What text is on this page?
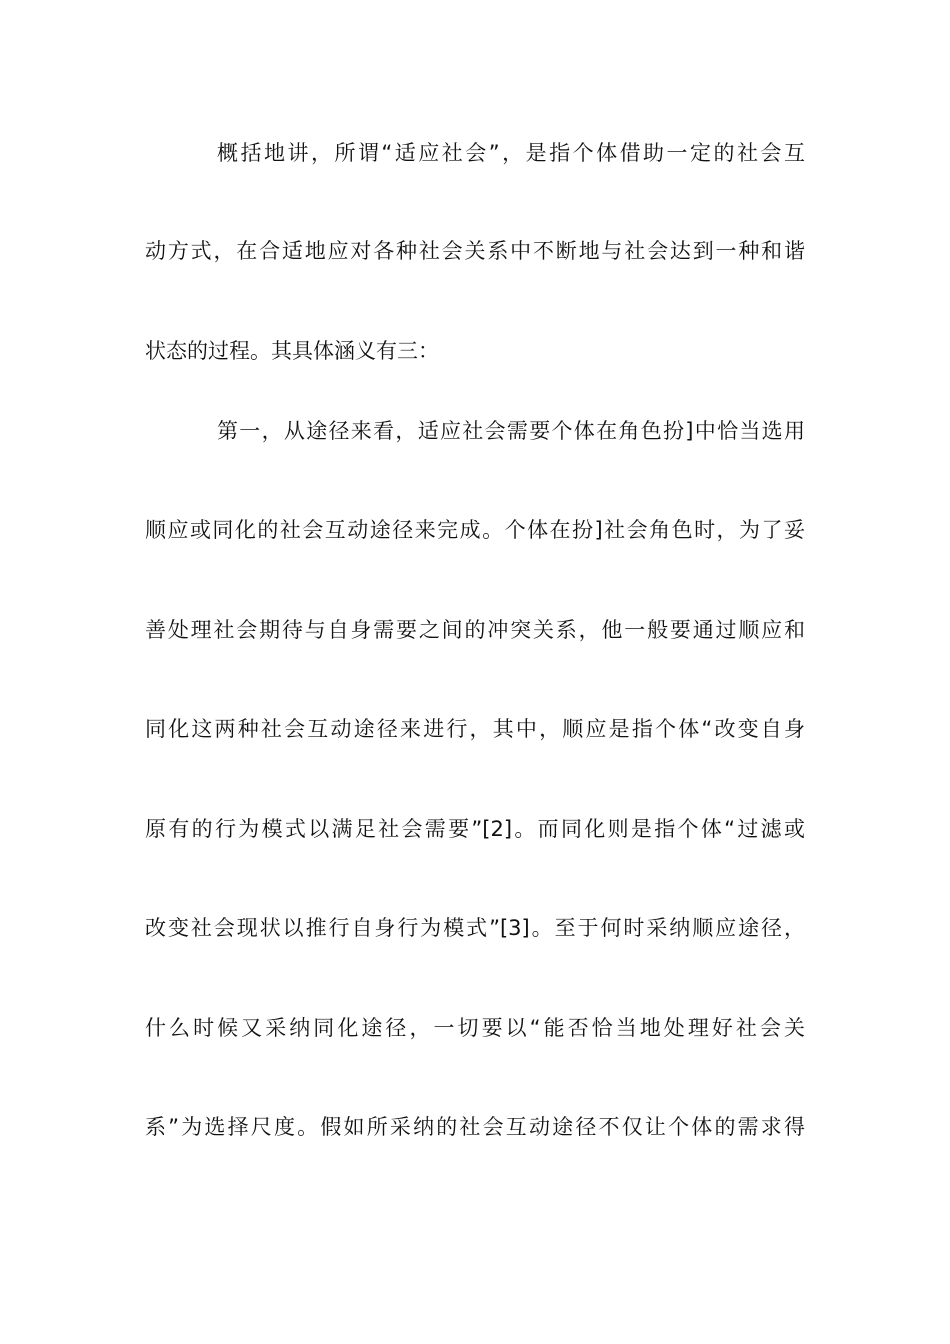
概括地讲，所谓“适应社会”，是指个体借助一定的社会互
动方式，在合适地应对各种社会关系中不断地与社会达到一种和谐
状态的过程。其具体涵义有三：
第一，从途径来看，适应社会需要个体在角色扮]中恰当选用
顺应或同化的社会互动途径来完成。个体在扮]社会角色时，为了妥
善处理社会期待与自身需要之间的冲突关系，他一般要通过顺应和
同化这两种社会互动途径来进行，其中，顺应是指个体“改变自身
原有的行为模式以满足社会需要”[2]。而同化则是指个体“过滤或
改变社会现状以推行自身行为模式”[3]。至于何时采纳顺应途径，
什么时候又采纳同化途径，一切要以“能否恰当地处理好社会关
系”为选择尺度。假如所采纳的社会互动途径不仅让个体的需求得
